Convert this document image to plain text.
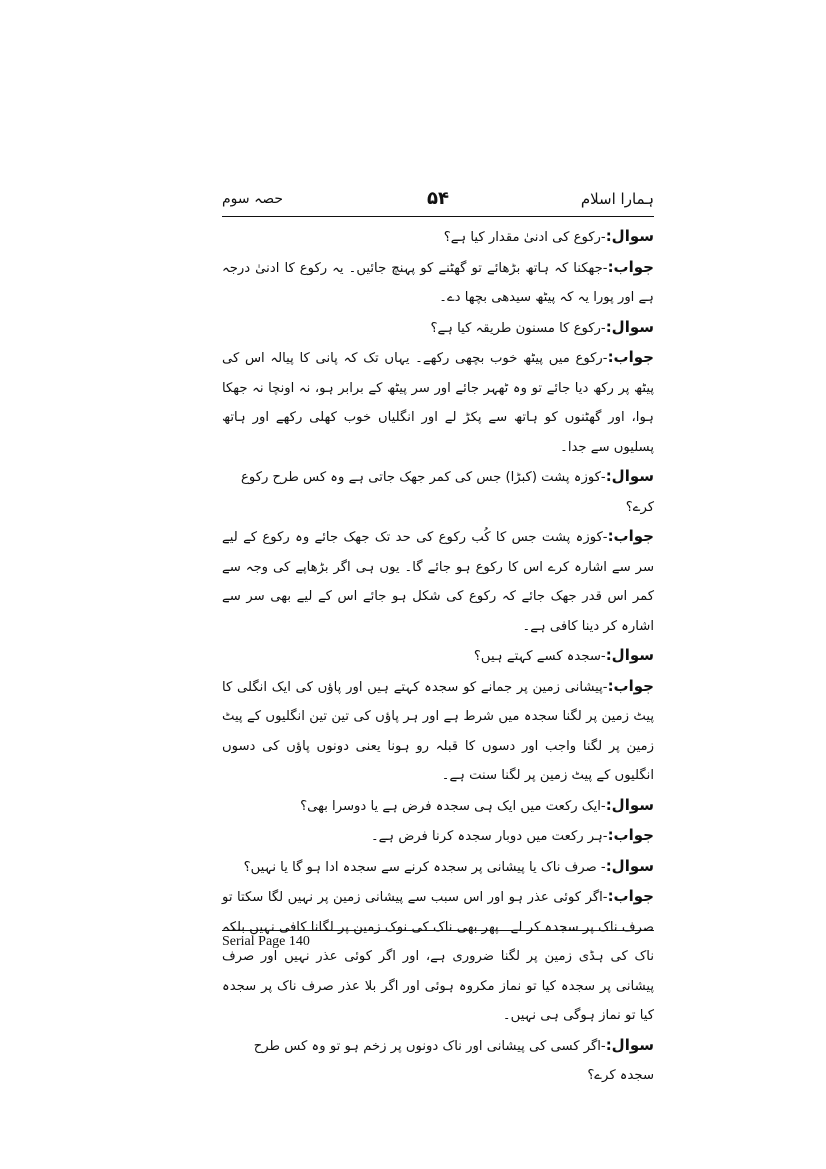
ہمارا اسلام
۵۴
حصہ سوم

سوال:-رکوع کی ادنیٰ مقدار کیا ہے؟

جواب:-جھکنا کہ ہاتھ بڑھائے تو گھٹنے کو پہنچ جائیں۔ یہ رکوع کا ادنیٰ درجہ ہے اور پورا یہ کہ پیٹھ سیدھی بچھا دے۔

سوال:-رکوع کا مسنون طریقہ کیا ہے؟

جواب:-رکوع میں پیٹھ خوب بچھی رکھے۔ یہاں تک کہ پانی کا پیالہ اس کی پیٹھ پر رکھ دیا جائے تو وہ ٹھہر جائے اور سر پیٹھ کے برابر ہو، نہ اونچا نہ جھکا ہوا، اور گھٹنوں کو ہاتھ سے پکڑ لے اور انگلیاں خوب کھلی رکھے اور ہاتھ پسلیوں سے جدا۔

سوال:-کوزہ پشت (کبڑا) جس کی کمر جھک جاتی ہے وہ کس طرح رکوع کرے؟

جواب:-کوزہ پشت جس کا کُب رکوع کی حد تک جھک جائے وہ رکوع کے لیے سر سے اشارہ کرے اس کا رکوع ہو جائے گا۔ یوں ہی اگر بڑھاپے کی وجہ سے کمر اس قدر جھک جائے کہ رکوع کی شکل ہو جائے اس کے لیے بھی سر سے اشارہ کر دینا کافی ہے۔

سوال:-سجدہ کسے کہتے ہیں؟

جواب:-پیشانی زمین پر جمانے کو سجدہ کہتے ہیں اور پاؤں کی ایک انگلی کا پیٹ زمین پر لگنا سجدہ میں شرط ہے اور ہر پاؤں کی تین تین انگلیوں کے پیٹ زمین پر لگنا واجب اور دسوں کا قبلہ رو ہونا یعنی دونوں پاؤں کی دسوں انگلیوں کے پیٹ زمین پر لگنا سنت ہے۔

سوال:-ایک رکعت میں ایک ہی سجدہ فرض ہے یا دوسرا بھی؟

جواب:-ہر رکعت میں دوبار سجدہ کرنا فرض ہے۔

سوال:- صرف ناک یا پیشانی پر سجدہ کرنے سے سجدہ ادا ہو گا یا نہیں؟

جواب:-اگر کوئی عذر ہو اور اس سبب سے پیشانی زمین پر نہیں لگا سکتا تو صرف ناک پر سجدہ کر لے۔ پھر بھی ناک کی نوک زمین پر لگانا کافی نہیں بلکہ ناک کی ہڈی زمین پر لگنا ضروری ہے، اور اگر کوئی عذر نہیں اور صرف پیشانی پر سجدہ کیا تو نماز مکروہ ہوئی اور اگر بلا عذر صرف ناک پر سجدہ کیا تو نماز ہوگی ہی نہیں۔

سوال:-اگر کسی کی پیشانی اور ناک دونوں پر زخم ہو تو وہ کس طرح سجدہ کرے؟

Serial Page 140
